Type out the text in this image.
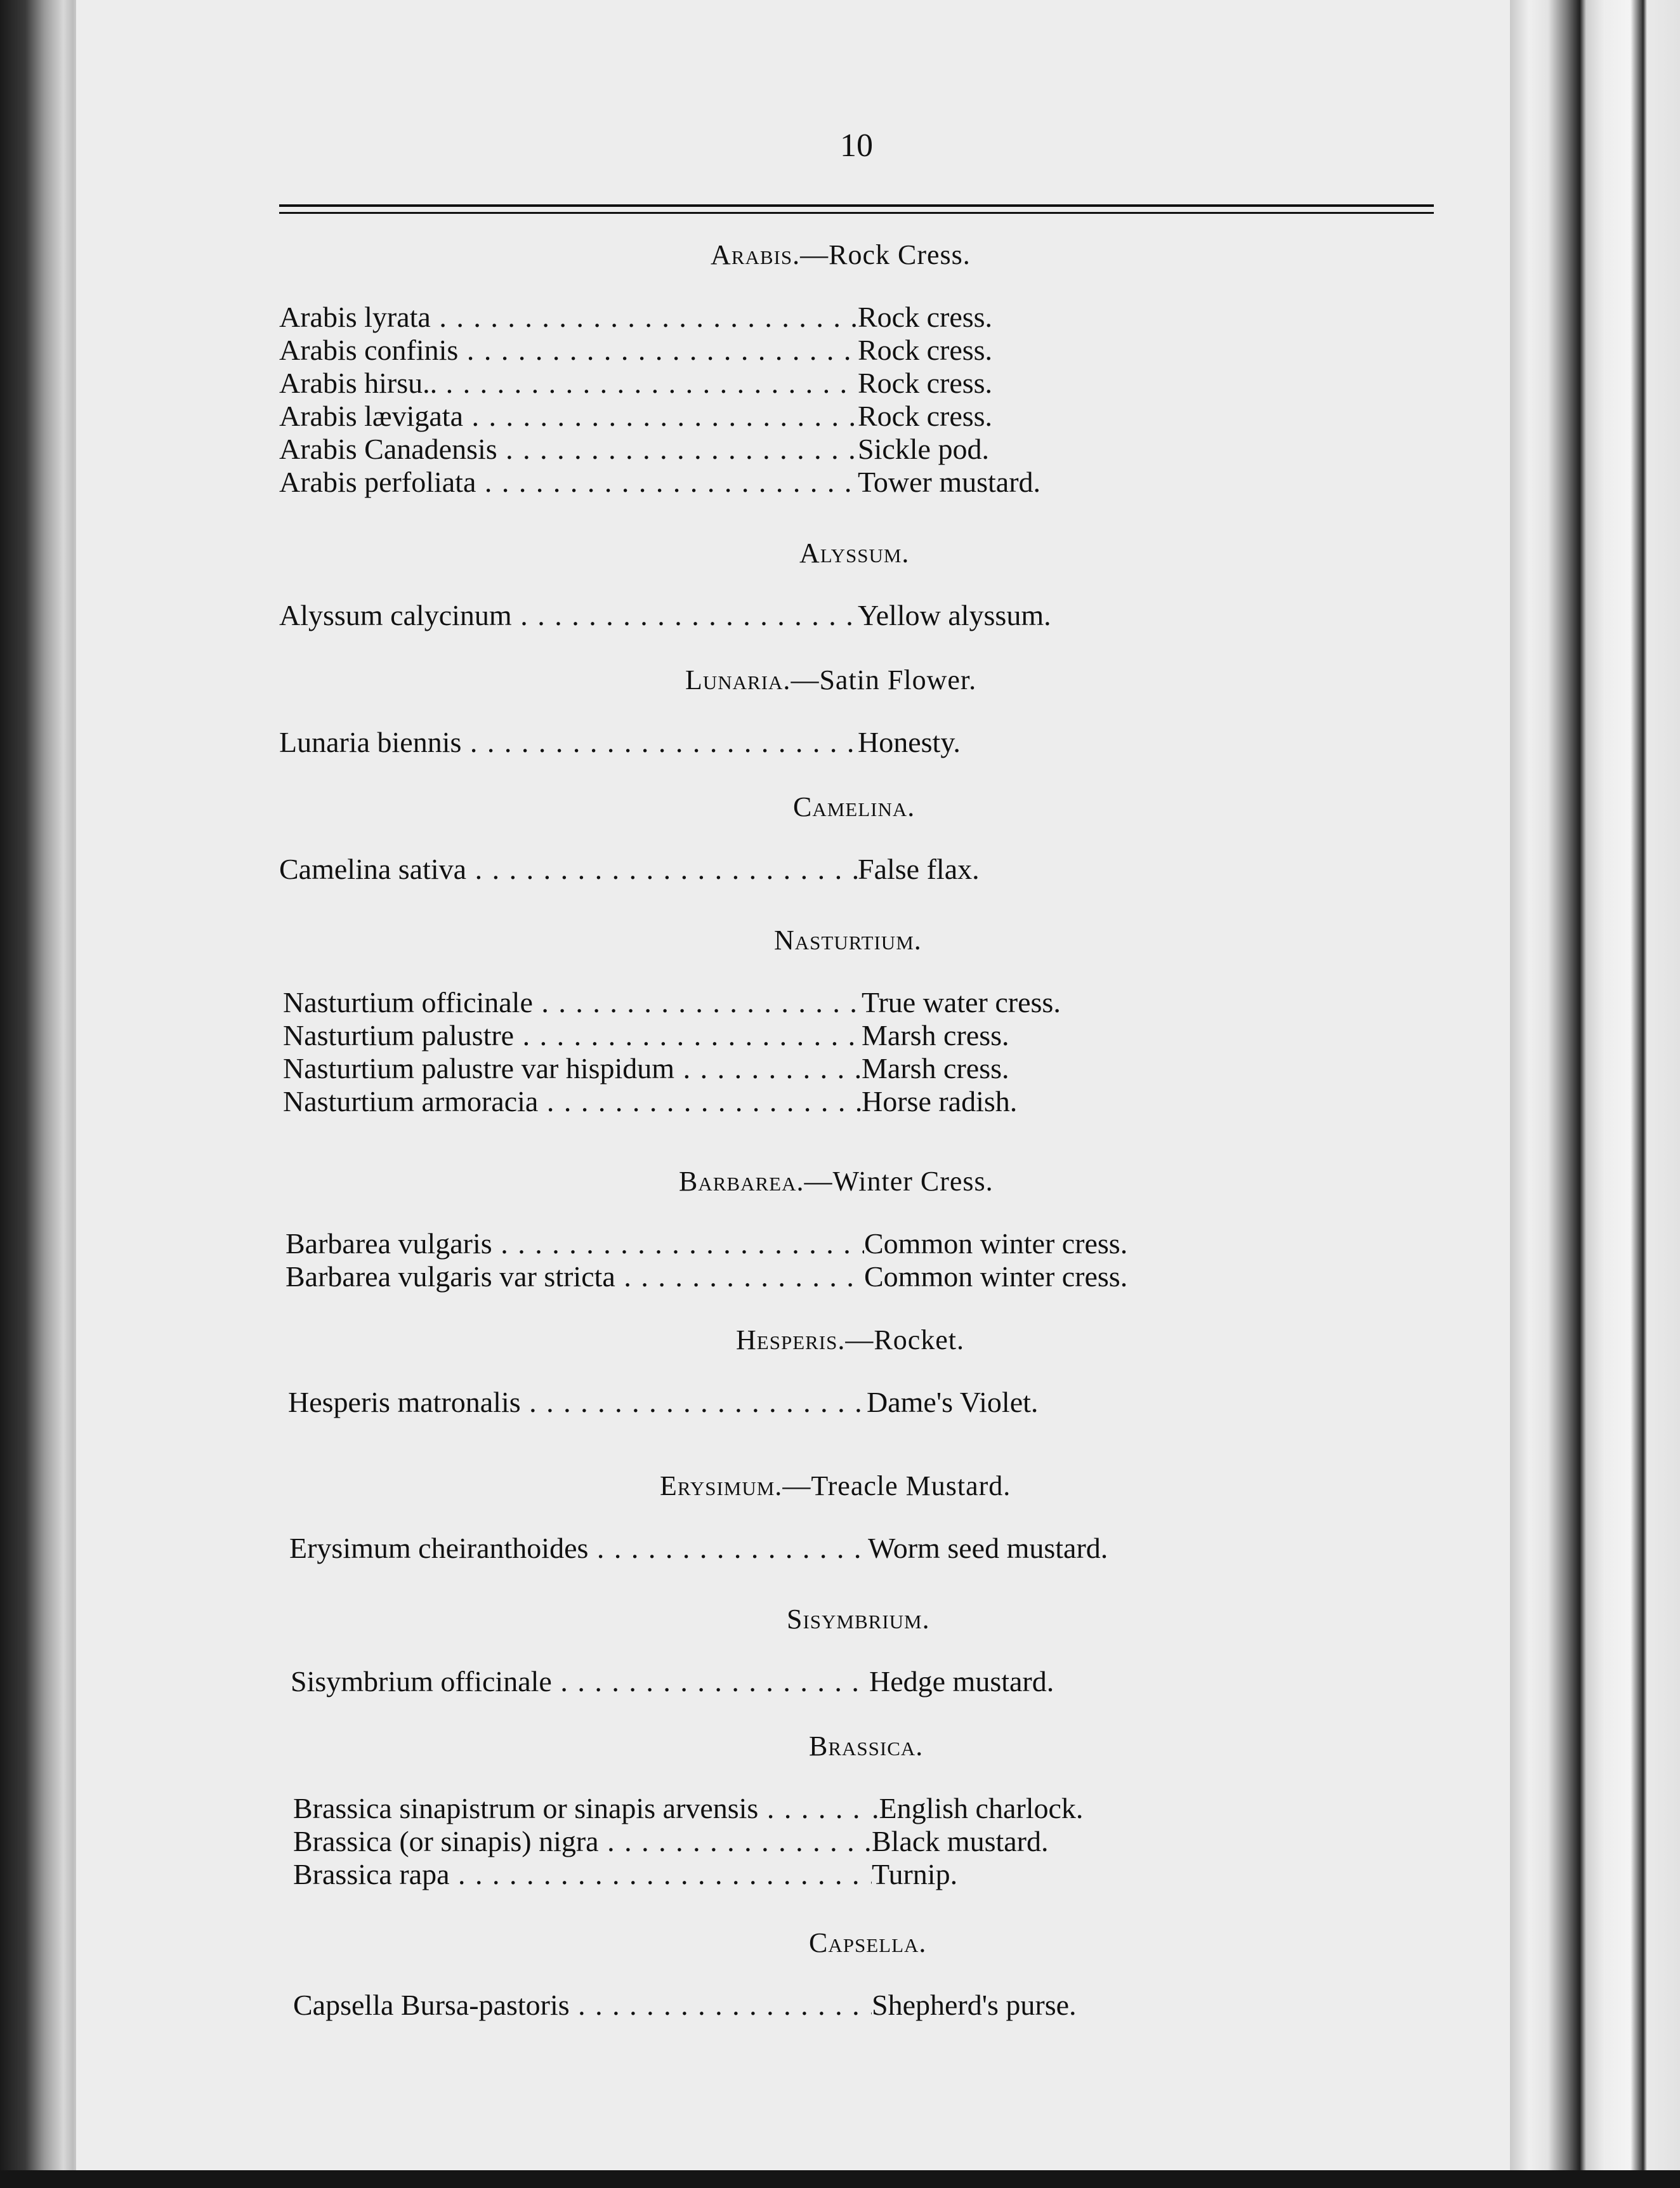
10
Arabis.—Rock Cress.
Arabis lyrata . . .	Rock cress.
Arabis confinis . . .	Rock cress.
Arabis hirsu.. . . .	Rock cress.
Arabis lævigata . . .	Rock cress.
Arabis Canadensis . . .	Sickle pod.
Arabis perfoliata . . .	Tower mustard.
Alyssum.
Alyssum calycinum . . .	Yellow alyssum.
Lunaria.—Satin Flower.
Lunaria biennis . . .	Honesty.
Camelina.
Camelina sativa . . .	False flax.
Nasturtium.
Nasturtium officinale . . .	True water cress.
Nasturtium palustre . . .	Marsh cress.
Nasturtium palustre var hispidum . . .	Marsh cress.
Nasturtium armoracia . . .	Horse radish.
Barbarea.—Winter Cress.
Barbarea vulgaris . . .	Common winter cress.
Barbarea vulgaris var stricta . . .	Common winter cress.
Hesperis.—Rocket.
Hesperis matronalis . . .	Dame's Violet.
Erysimum.—Treacle Mustard.
Erysimum cheiranthoides . . .	Worm seed mustard.
Sisymbrium.
Sisymbrium officinale . . .	Hedge mustard.
Brassica.
Brassica sinapistrum or sinapis arvensis . . .	.English charlock.
Brassica (or sinapis) nigra . . .	Black mustard.
Brassica rapa . . .	Turnip.
Capsella.
Capsella Bursa-pastoris . . .	Shepherd's purse.
